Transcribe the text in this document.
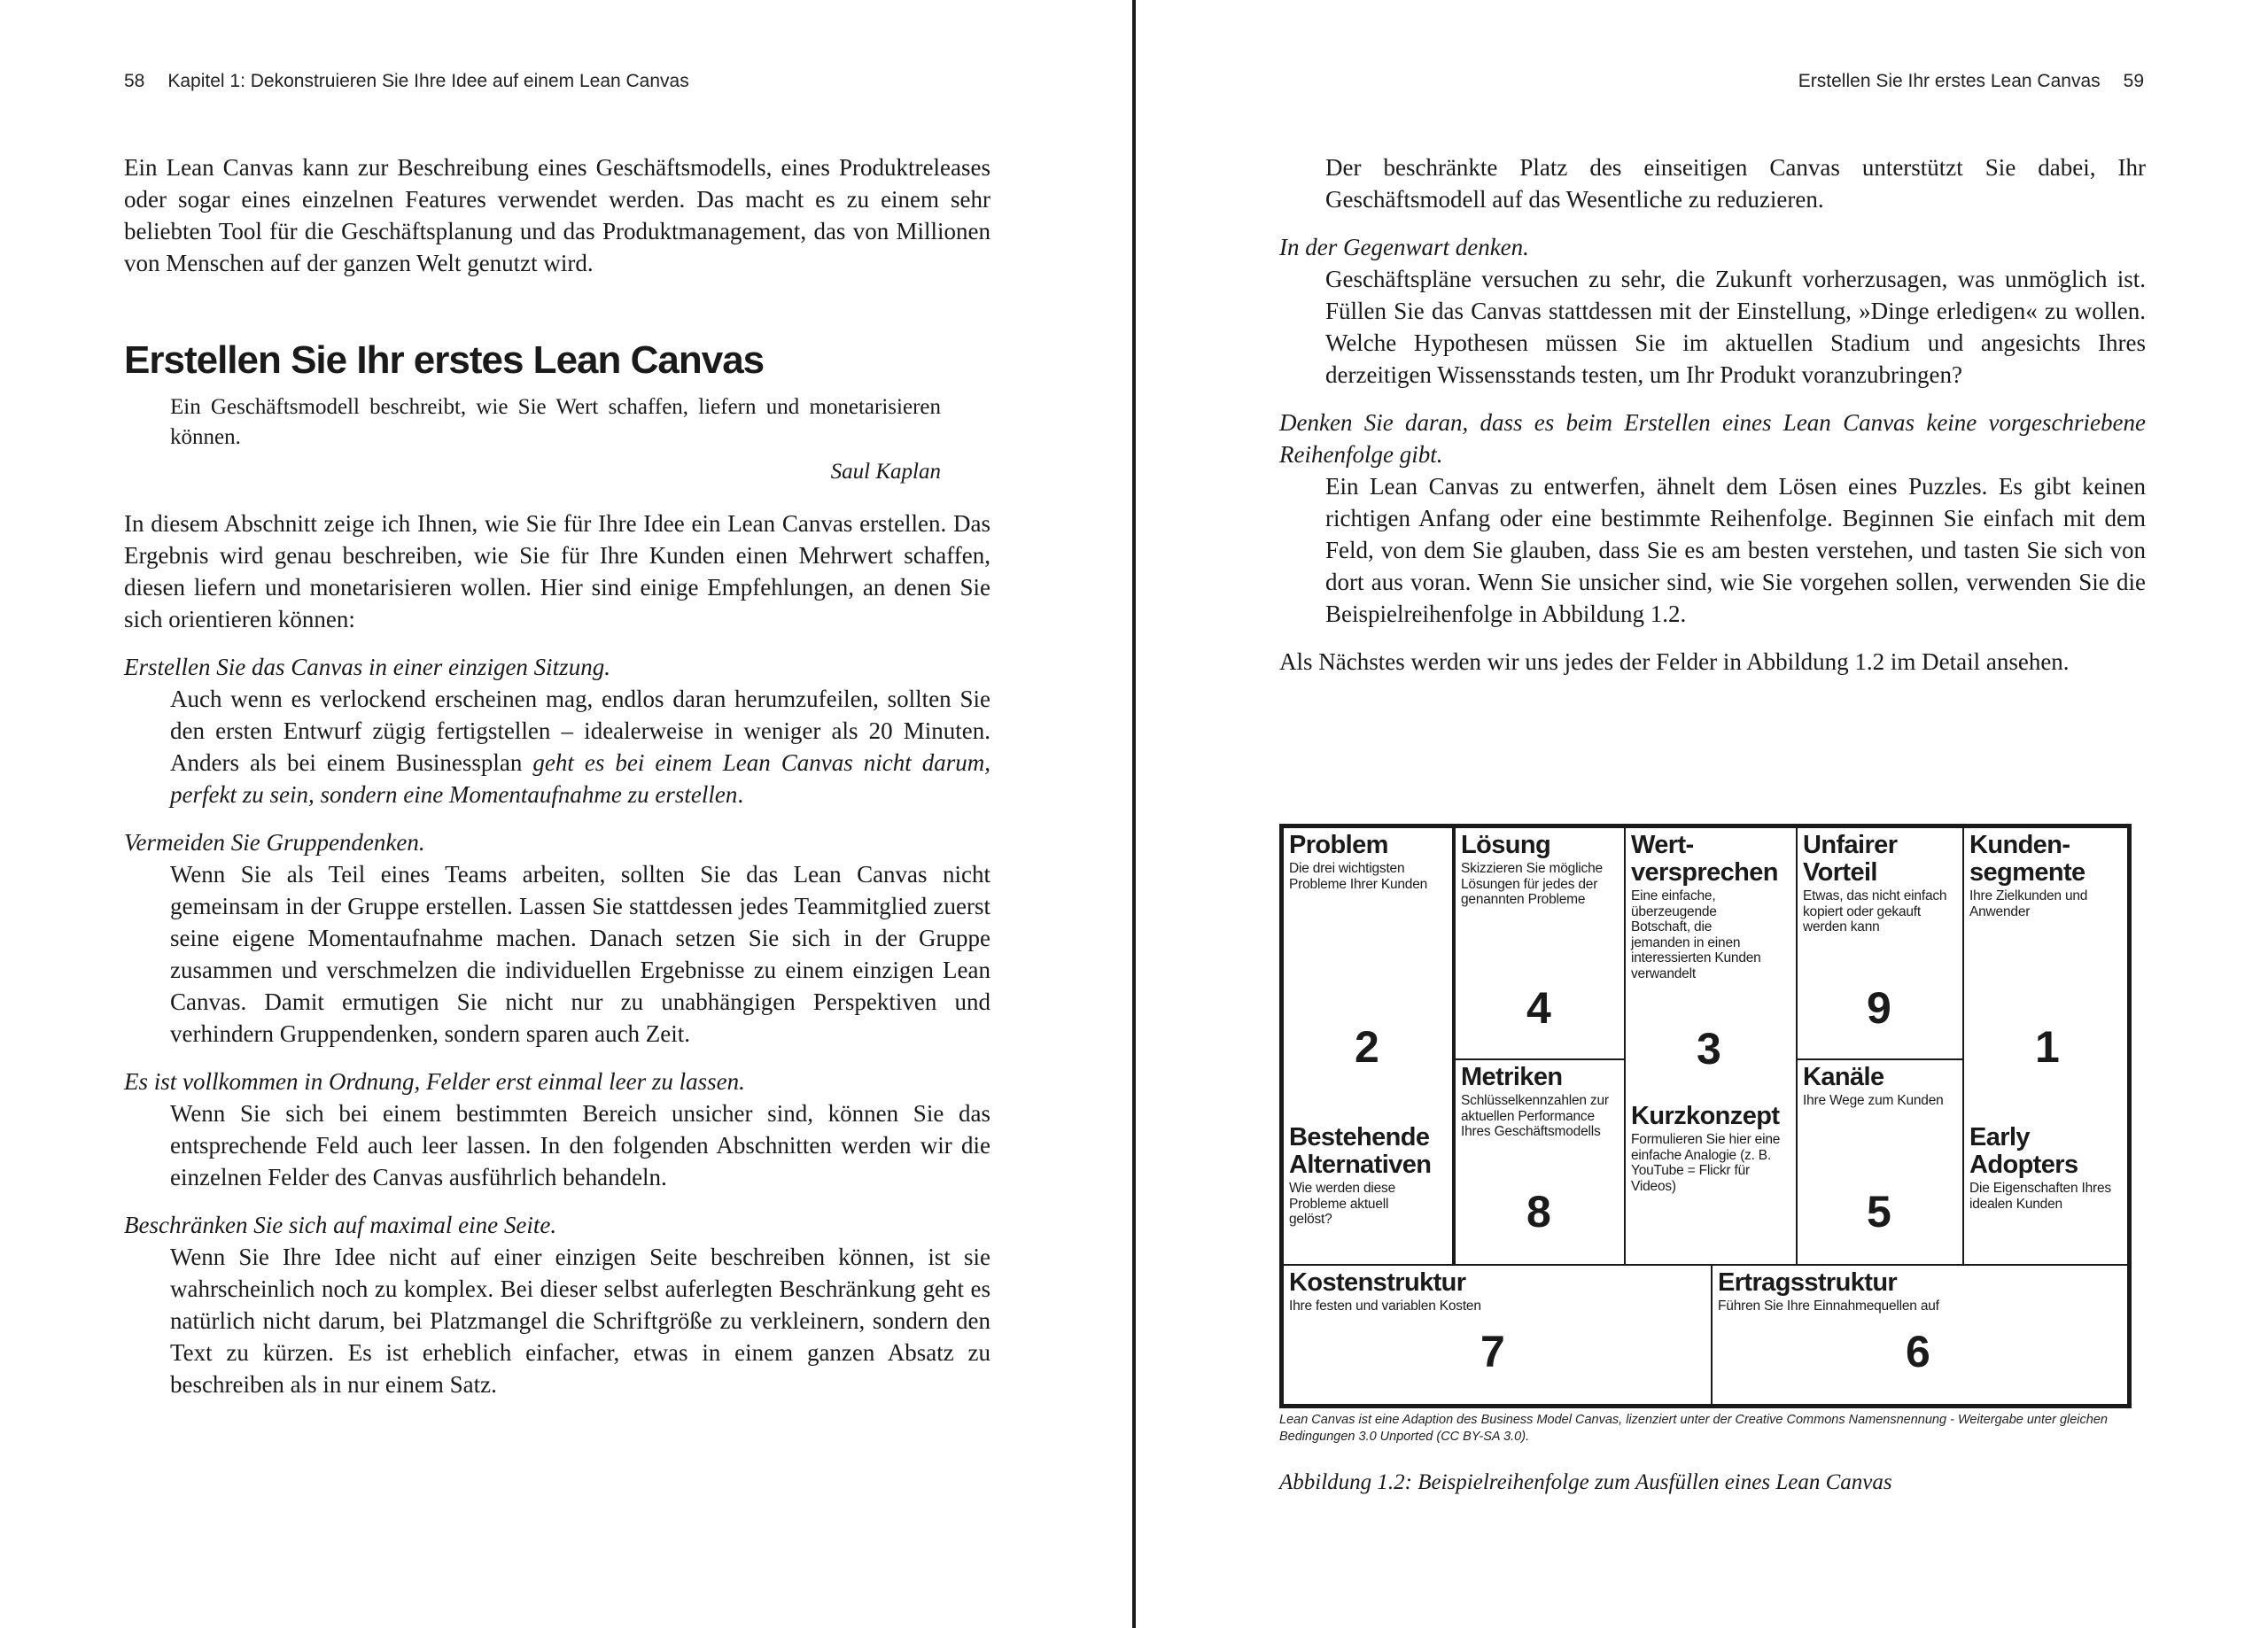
58 Kapitel 1: Dekonstruieren Sie Ihre Idee auf einem Lean Canvas

Ein Lean Canvas kann zur Beschreibung eines Geschäftsmodells, eines Produktreleases oder sogar eines einzelnen Features verwendet werden. Das macht es zu einem sehr beliebten Tool für die Geschäftsplanung und das Produktmanagement, das von Millionen von Menschen auf der ganzen Welt genutzt wird.

Erstellen Sie Ihr erstes Lean Canvas

Ein Geschäftsmodell beschreibt, wie Sie Wert schaffen, liefern und monetarisieren können.

Saul Kaplan

In diesem Abschnitt zeige ich Ihnen, wie Sie für Ihre Idee ein Lean Canvas erstellen. Das Ergebnis wird genau beschreiben, wie Sie für Ihre Kunden einen Mehrwert schaffen, diesen liefern und monetarisieren wollen. Hier sind einige Empfehlungen, an denen Sie sich orientieren können:

Erstellen Sie das Canvas in einer einzigen Sitzung.

Auch wenn es verlockend erscheinen mag, endlos daran herumzufeilen, sollten Sie den ersten Entwurf zügig fertigstellen – idealerweise in weniger als 20 Minuten. Anders als bei einem Businessplan geht es bei einem Lean Canvas nicht darum, perfekt zu sein, sondern eine Momentaufnahme zu erstellen.

Vermeiden Sie Gruppendenken.

Wenn Sie als Teil eines Teams arbeiten, sollten Sie das Lean Canvas nicht gemeinsam in der Gruppe erstellen. Lassen Sie stattdessen jedes Teammitglied zuerst seine eigene Momentaufnahme machen. Danach setzen Sie sich in der Gruppe zusammen und verschmelzen die individuellen Ergebnisse zu einem einzigen Lean Canvas. Damit ermutigen Sie nicht nur zu unabhängigen Perspektiven und verhindern Gruppendenken, sondern sparen auch Zeit.

Es ist vollkommen in Ordnung, Felder erst einmal leer zu lassen.

Wenn Sie sich bei einem bestimmten Bereich unsicher sind, können Sie das entsprechende Feld auch leer lassen. In den folgenden Abschnitten werden wir die einzelnen Felder des Canvas ausführlich behandeln.

Beschränken Sie sich auf maximal eine Seite.

Wenn Sie Ihre Idee nicht auf einer einzigen Seite beschreiben können, ist sie wahrscheinlich noch zu komplex. Bei dieser selbst auferlegten Beschränkung geht es natürlich nicht darum, bei Platzmangel die Schriftgröße zu verkleinern, sondern den Text zu kürzen. Es ist erheblich einfacher, etwas in einem ganzen Absatz zu beschreiben als in nur einem Satz.

Erstellen Sie Ihr erstes Lean Canvas 59

Der beschränkte Platz des einseitigen Canvas unterstützt Sie dabei, Ihr Geschäftsmodell auf das Wesentliche zu reduzieren.

In der Gegenwart denken.

Geschäftspläne versuchen zu sehr, die Zukunft vorherzusagen, was unmöglich ist. Füllen Sie das Canvas stattdessen mit der Einstellung, »Dinge erledigen« zu wollen. Welche Hypothesen müssen Sie im aktuellen Stadium und angesichts Ihres derzeitigen Wissensstands testen, um Ihr Produkt voranzubringen?

Denken Sie daran, dass es beim Erstellen eines Lean Canvas keine vorgeschriebene Reihenfolge gibt.

Ein Lean Canvas zu entwerfen, ähnelt dem Lösen eines Puzzles. Es gibt keinen richtigen Anfang oder eine bestimmte Reihenfolge. Beginnen Sie einfach mit dem Feld, von dem Sie glauben, dass Sie es am besten verstehen, und tasten Sie sich von dort aus voran. Wenn Sie unsicher sind, wie Sie vorgehen sollen, verwenden Sie die Beispielreihenfolge in Abbildung 1.2.

Als Nächstes werden wir uns jedes der Felder in Abbildung 1.2 im Detail ansehen.

Problem
Die drei wichtigsten Probleme Ihrer Kunden
2
Bestehende Alternativen
Wie werden diese Probleme aktuell gelöst?
Lösung
Skizzieren Sie mögliche Lösungen für jedes der genannten Probleme
4
Metriken
Schlüsselkennzahlen zur aktuellen Performance Ihres Geschäftsmodells
8
Wert-versprechen
Eine einfache, überzeugende Botschaft, die jemanden in einen interessierten Kunden verwandelt
3
Kurzkonzept
Formulieren Sie hier eine einfache Analogie (z. B. YouTube = Flickr für Videos)
Unfairer Vorteil
Etwas, das nicht einfach kopiert oder gekauft werden kann
9
Kanäle
Ihre Wege zum Kunden
5
Kunden-segmente
Ihre Zielkunden und Anwender
1
Early Adopters
Die Eigenschaften Ihres idealen Kunden
Kostenstruktur
Ihre festen und variablen Kosten
7
Ertragsstruktur
Führen Sie Ihre Einnahmequellen auf
6

Lean Canvas ist eine Adaption des Business Model Canvas, lizenziert unter der Creative Commons Namensnennung - Weitergabe unter gleichen Bedingungen 3.0 Unported (CC BY-SA 3.0).

Abbildung 1.2: Beispielreihenfolge zum Ausfüllen eines Lean Canvas
